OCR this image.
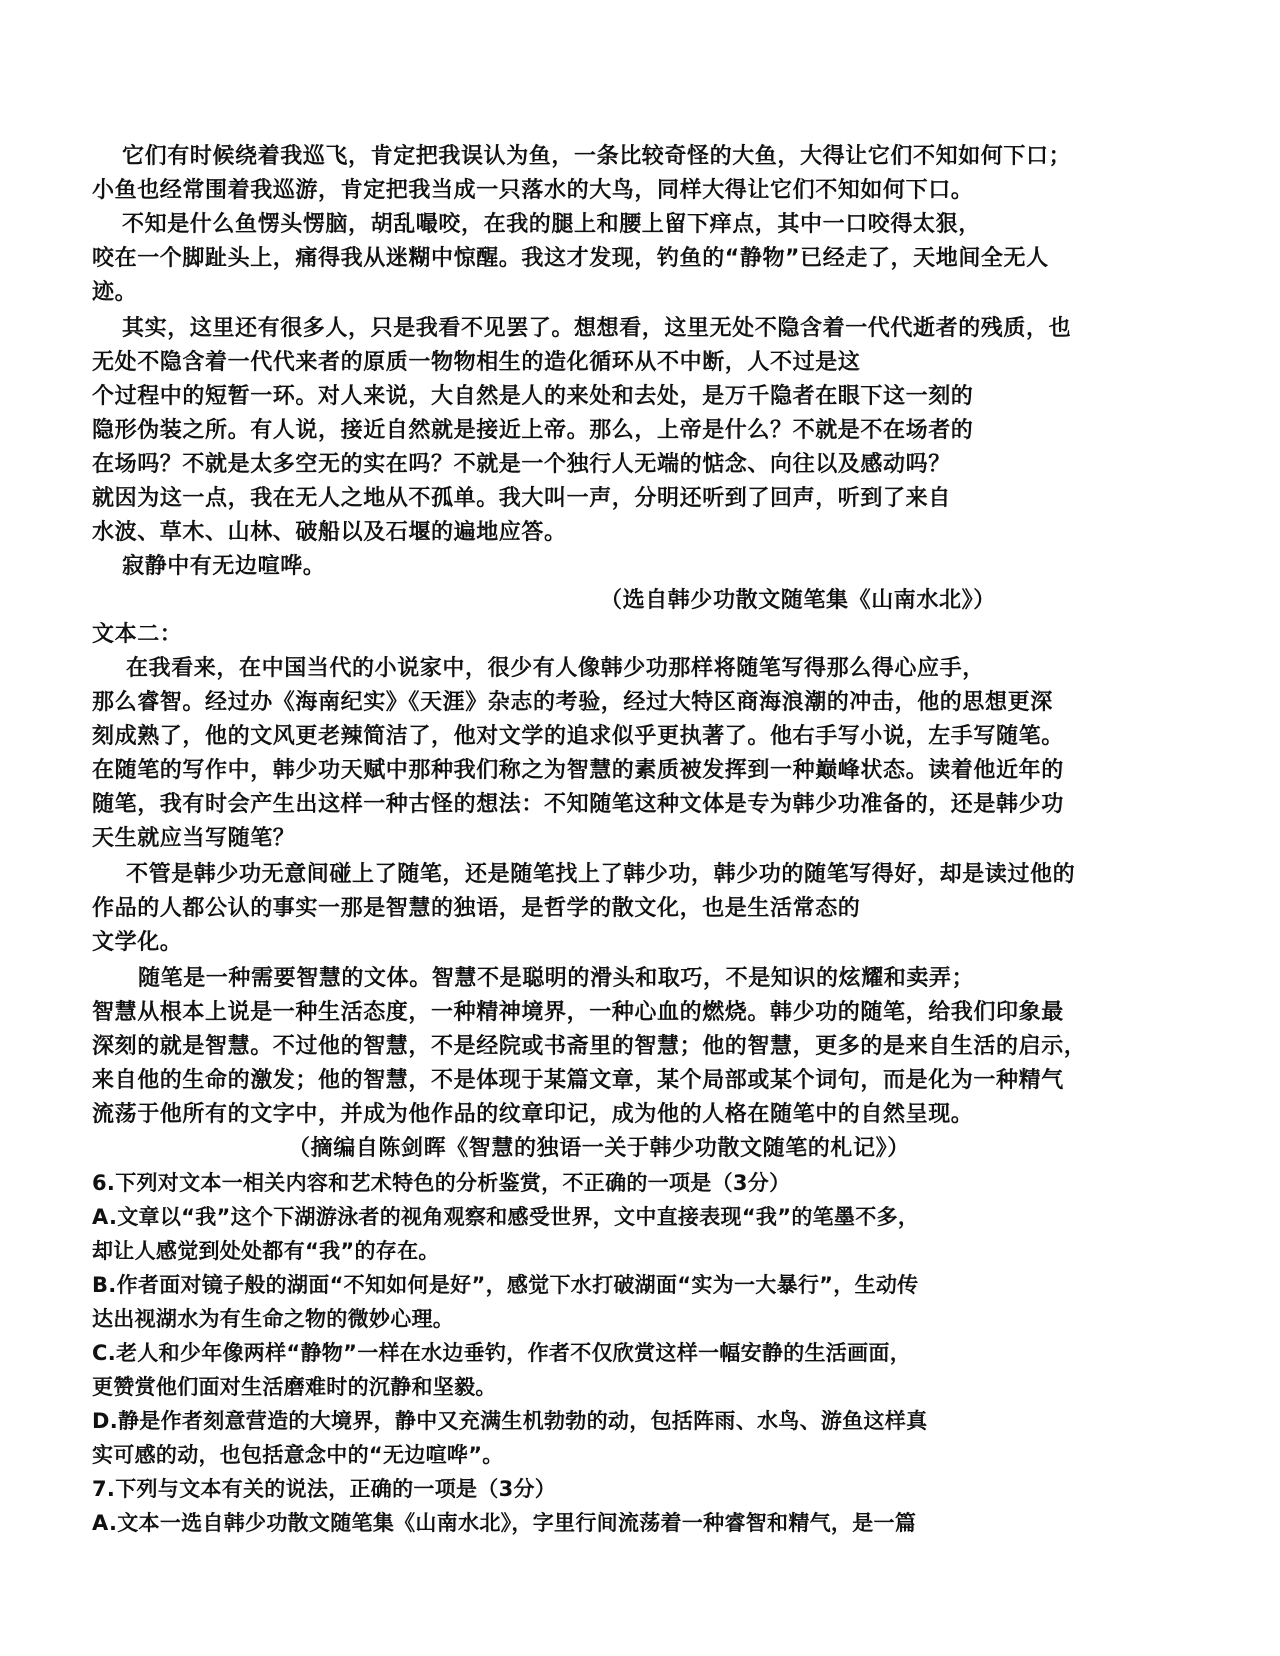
它们有时候绕着我巡飞，肯定把我误认为鱼，一条比较奇怪的大鱼，大得让它们不知如何下口；
小鱼也经常围着我巡游，肯定把我当成一只落水的大鸟，同样大得让它们不知如何下口。
不知是什么鱼愣头愣脑，胡乱嘬咬，在我的腿上和腰上留下痒点，其中一口咬得太狠，
咬在一个脚趾头上，痛得我从迷糊中惊醒。我这才发现，钓鱼的“静物”已经走了，天地间全无人
迹。
其实，这里还有很多人，只是我看不见罢了。想想看，这里无处不隐含着一代代逝者的残质，也
无处不隐含着一代代来者的原质一物物相生的造化循环从不中断，人不过是这
个过程中的短暂一环。对人来说，大自然是人的来处和去处，是万千隐者在眼下这一刻的
隐形伪装之所。有人说，接近自然就是接近上帝。那么，上帝是什么？不就是不在场者的
在场吗？不就是太多空无的实在吗？不就是一个独行人无端的惦念、向往以及感动吗？
就因为这一点，我在无人之地从不孤单。我大叫一声，分明还听到了回声，听到了来自
水波、草木、山林、破船以及石堰的遍地应答。
寂静中有无边喧哗。
（选自韩少功散文随笔集《山南水北》）
文本二：
在我看来，在中国当代的小说家中，很少有人像韩少功那样将随笔写得那么得心应手，
那么睿智。经过办《海南纪实》《天涯》杂志的考验，经过大特区商海浪潮的冲击，他的思想更深
刻成熟了，他的文风更老辣简洁了，他对文学的追求似乎更执著了。他右手写小说，左手写随笔。
在随笔的写作中，韩少功天赋中那种我们称之为智慧的素质被发挥到一种巅峰状态。读着他近年的
随笔，我有时会产生出这样一种古怪的想法：不知随笔这种文体是专为韩少功准备的，还是韩少功
天生就应当写随笔？
不管是韩少功无意间碰上了随笔，还是随笔找上了韩少功，韩少功的随笔写得好，却是读过他的
作品的人都公认的事实一那是智慧的独语，是哲学的散文化，也是生活常态的
文学化。
随笔是一种需要智慧的文体。智慧不是聪明的滑头和取巧，不是知识的炫耀和卖弄；
智慧从根本上说是一种生活态度，一种精神境界，一种心血的燃烧。韩少功的随笔，给我们印象最
深刻的就是智慧。不过他的智慧，不是经院或书斋里的智慧；他的智慧，更多的是来自生活的启示，
来自他的生命的激发；他的智慧，不是体现于某篇文章，某个局部或某个词句，而是化为一种精气
流荡于他所有的文字中，并成为他作品的纹章印记，成为他的人格在随笔中的自然呈现。
（摘编自陈剑晖《智慧的独语一关于韩少功散文随笔的札记》）
6.下列对文本一相关内容和艺术特色的分析鉴赏，不正确的一项是（3分）
A.文章以“我”这个下湖游泳者的视角观察和感受世界，文中直接表现“我”的笔墨不多，
却让人感觉到处处都有“我”的存在。
B.作者面对镜子般的湖面“不知如何是好”，感觉下水打破湖面“实为一大暴行”，生动传
达出视湖水为有生命之物的微妙心理。
C.老人和少年像两样“静物”一样在水边垂钓，作者不仅欣赏这样一幅安静的生活画面，
更赞赏他们面对生活磨难时的沉静和坚毅。
D.静是作者刻意营造的大境界，静中又充满生机勃勃的动，包括阵雨、水鸟、游鱼这样真
实可感的动，也包括意念中的“无边喧哗”。
7.下列与文本有关的说法，正确的一项是（3分）
A.文本一选自韩少功散文随笔集《山南水北》，字里行间流荡着一种睿智和精气，是一篇
